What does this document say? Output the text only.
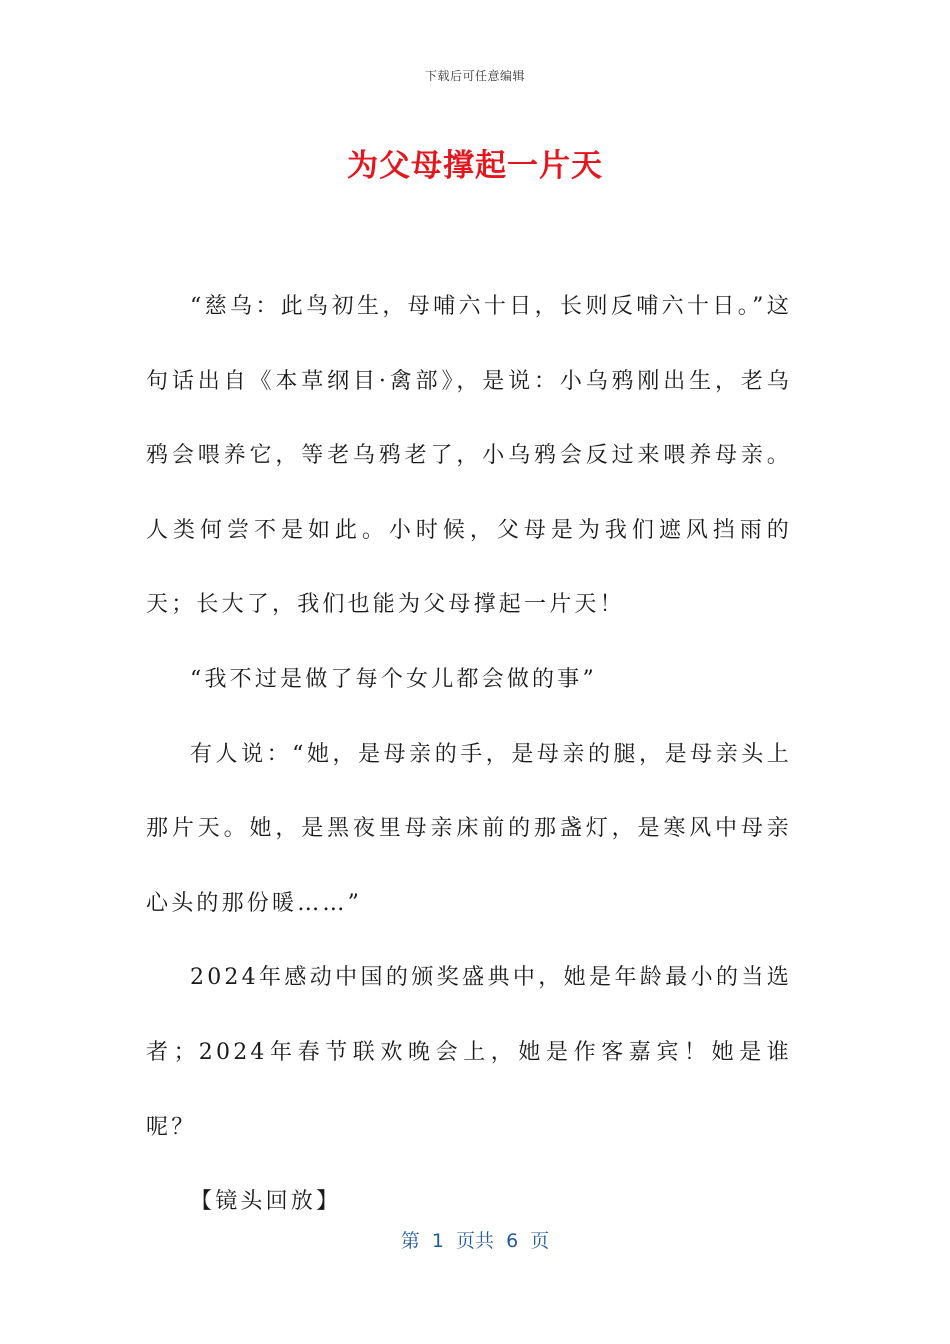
下载后可任意编辑
为父母撑起一片天

“慈乌：此鸟初生，母哺六十日，长则反哺六十日。”这句话出自《本草纲目·禽部》，是说：小乌鸦刚出生，老乌鸦会喂养它，等老乌鸦老了，小乌鸦会反过来喂养母亲。人类何尝不是如此。小时候，父母是为我们遮风挡雨的天；长大了，我们也能为父母撑起一片天！

“我不过是做了每个女儿都会做的事”

有人说：“她，是母亲的手，是母亲的腿，是母亲头上那片天。她，是黑夜里母亲床前的那盏灯，是寒风中母亲心头的那份暖……”

2024年感动中国的颁奖盛典中，她是年龄最小的当选者；2024年春节联欢晚会上，她是作客嘉宾！她是谁呢？

【镜头回放】

第  1  页共  6  页
